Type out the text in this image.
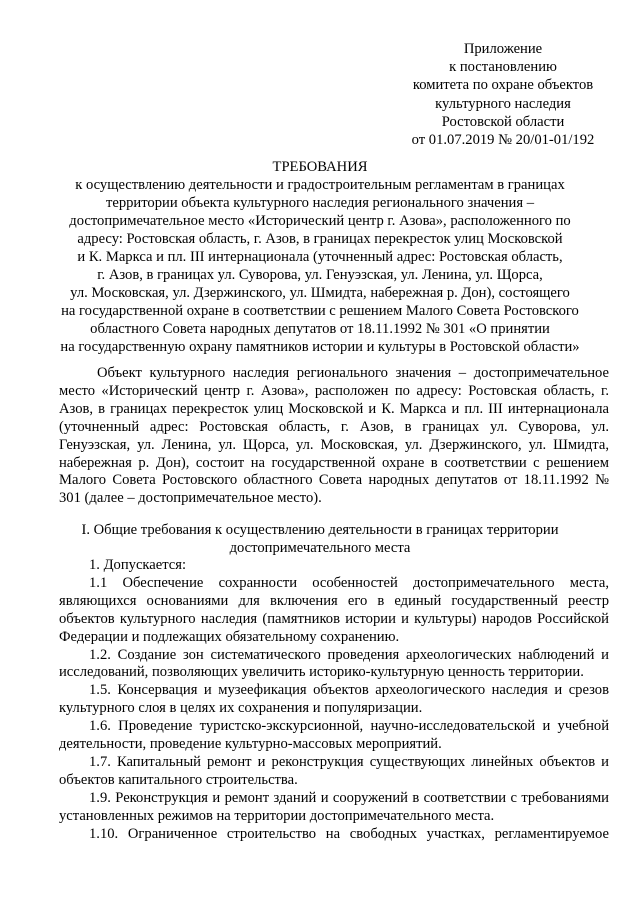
Приложение
к постановлению
комитета по охране объектов
культурного наследия
Ростовской области
от 01.07.2019 № 20/01-01/192
ТРЕБОВАНИЯ
к осуществлению деятельности и градостроительным регламентам в границах
территории объекта культурного наследия регионального значения –
достопримечательное место «Исторический центр г. Азова», расположенного по
адресу: Ростовская область, г. Азов, в границах перекресток улиц Московской
и К. Маркса и пл. III интернационала (уточненный адрес: Ростовская область,
г. Азов, в границах ул. Суворова, ул. Генуэзская, ул. Ленина, ул. Щорса,
ул. Московская, ул. Дзержинского, ул. Шмидта, набережная р. Дон), состоящего
на государственной охране в соответствии с решением Малого Совета Ростовского
областного Совета народных депутатов от 18.11.1992 № 301 «О принятии
на государственную охрану памятников истории и культуры в Ростовской области»

Объект культурного наследия регионального значения – достопримечательное место «Исторический центр г. Азова», расположен по адресу: Ростовская область, г. Азов, в границах перекресток улиц Московской и К. Маркса и пл. III интернационала (уточненный адрес: Ростовская область, г. Азов, в границах ул. Суворова, ул. Генуэзская, ул. Ленина, ул. Щорса, ул. Московская, ул. Дзержинского, ул. Шмидта, набережная р. Дон), состоит на государственной охране в соответствии с решением Малого Совета Ростовского областного Совета народных депутатов от 18.11.1992 № 301 (далее – достопримечательное место).

I. Общие требования к осуществлению деятельности в границах территории
достопримечательного места

1. Допускается:

1.1 Обеспечение сохранности особенностей достопримечательного места, являющихся основаниями для включения его в единый государственный реестр объектов культурного наследия (памятников истории и культуры) народов Российской Федерации и подлежащих обязательному сохранению.

1.2. Создание зон систематического проведения археологических наблюдений и исследований, позволяющих увеличить историко-культурную ценность территории.

1.5. Консервация и музеефикация объектов археологического наследия и срезов культурного слоя в целях их сохранения и популяризации.

1.6. Проведение туристско-экскурсионной, научно-исследовательской и учебной деятельности, проведение культурно-массовых мероприятий.

1.7. Капитальный ремонт и реконструкция существующих линейных объектов и объектов капитального строительства.

1.9. Реконструкция и ремонт зданий и сооружений в соответствии с требованиями установленных режимов на территории достопримечательного места.

1.10. Ограниченное строительство на свободных участках, регламентируемое
